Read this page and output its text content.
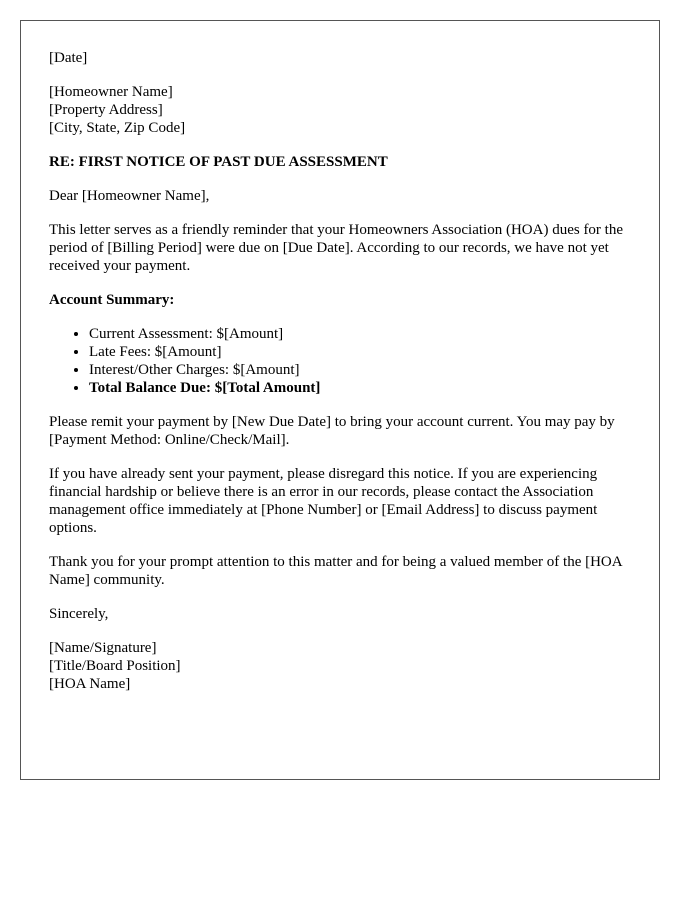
[Date]

[Homeowner Name]
[Property Address]
[City, State, Zip Code]

RE: FIRST NOTICE OF PAST DUE ASSESSMENT

Dear [Homeowner Name],

This letter serves as a friendly reminder that your Homeowners Association (HOA) dues for the period of [Billing Period] were due on [Due Date]. According to our records, we have not yet received your payment.

Account Summary:

• Current Assessment: $[Amount]
• Late Fees: $[Amount]
• Interest/Other Charges: $[Amount]
• Total Balance Due: $[Total Amount]

Please remit your payment by [New Due Date] to bring your account current. You may pay by [Payment Method: Online/Check/Mail].

If you have already sent your payment, please disregard this notice. If you are experiencing financial hardship or believe there is an error in our records, please contact the Association management office immediately at [Phone Number] or [Email Address] to discuss payment options.

Thank you for your prompt attention to this matter and for being a valued member of the [HOA Name] community.

Sincerely,

[Name/Signature]
[Title/Board Position]
[HOA Name]
